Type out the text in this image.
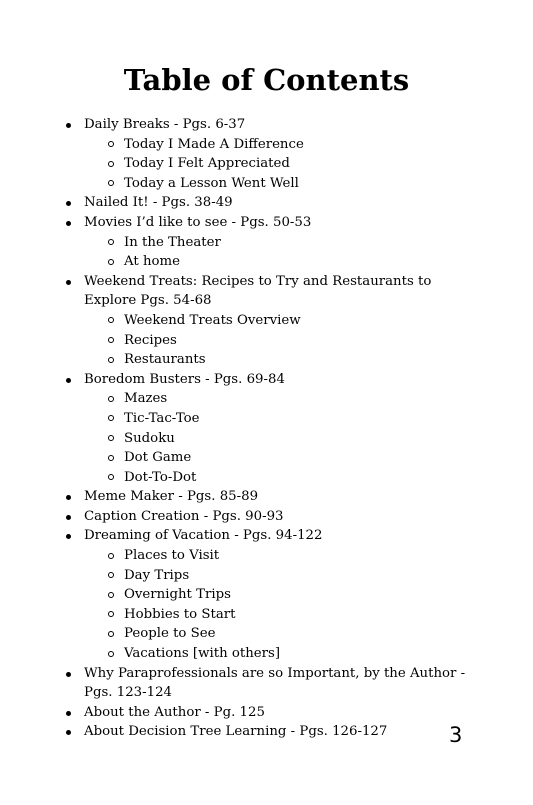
Table of Contents
Daily Breaks - Pgs. 6-37
Today I Made A Difference
Today I Felt Appreciated
Today a Lesson Went Well
Nailed It! - Pgs. 38-49
Movies I’d like to see - Pgs. 50-53
In the Theater
At home
Weekend Treats: Recipes to Try and Restaurants to Explore Pgs. 54-68
Weekend Treats Overview
Recipes
Restaurants
Boredom Busters - Pgs. 69-84
Mazes
Tic-Tac-Toe
Sudoku
Dot Game
Dot-To-Dot
Meme Maker - Pgs. 85-89
Caption Creation - Pgs. 90-93
Dreaming of Vacation - Pgs. 94-122
Places to Visit
Day Trips
Overnight Trips
Hobbies to Start
People to See
Vacations [with others]
Why Paraprofessionals are so Important, by the Author - Pgs. 123-124
About the Author - Pg. 125
About Decision Tree Learning - Pgs. 126-127	3
